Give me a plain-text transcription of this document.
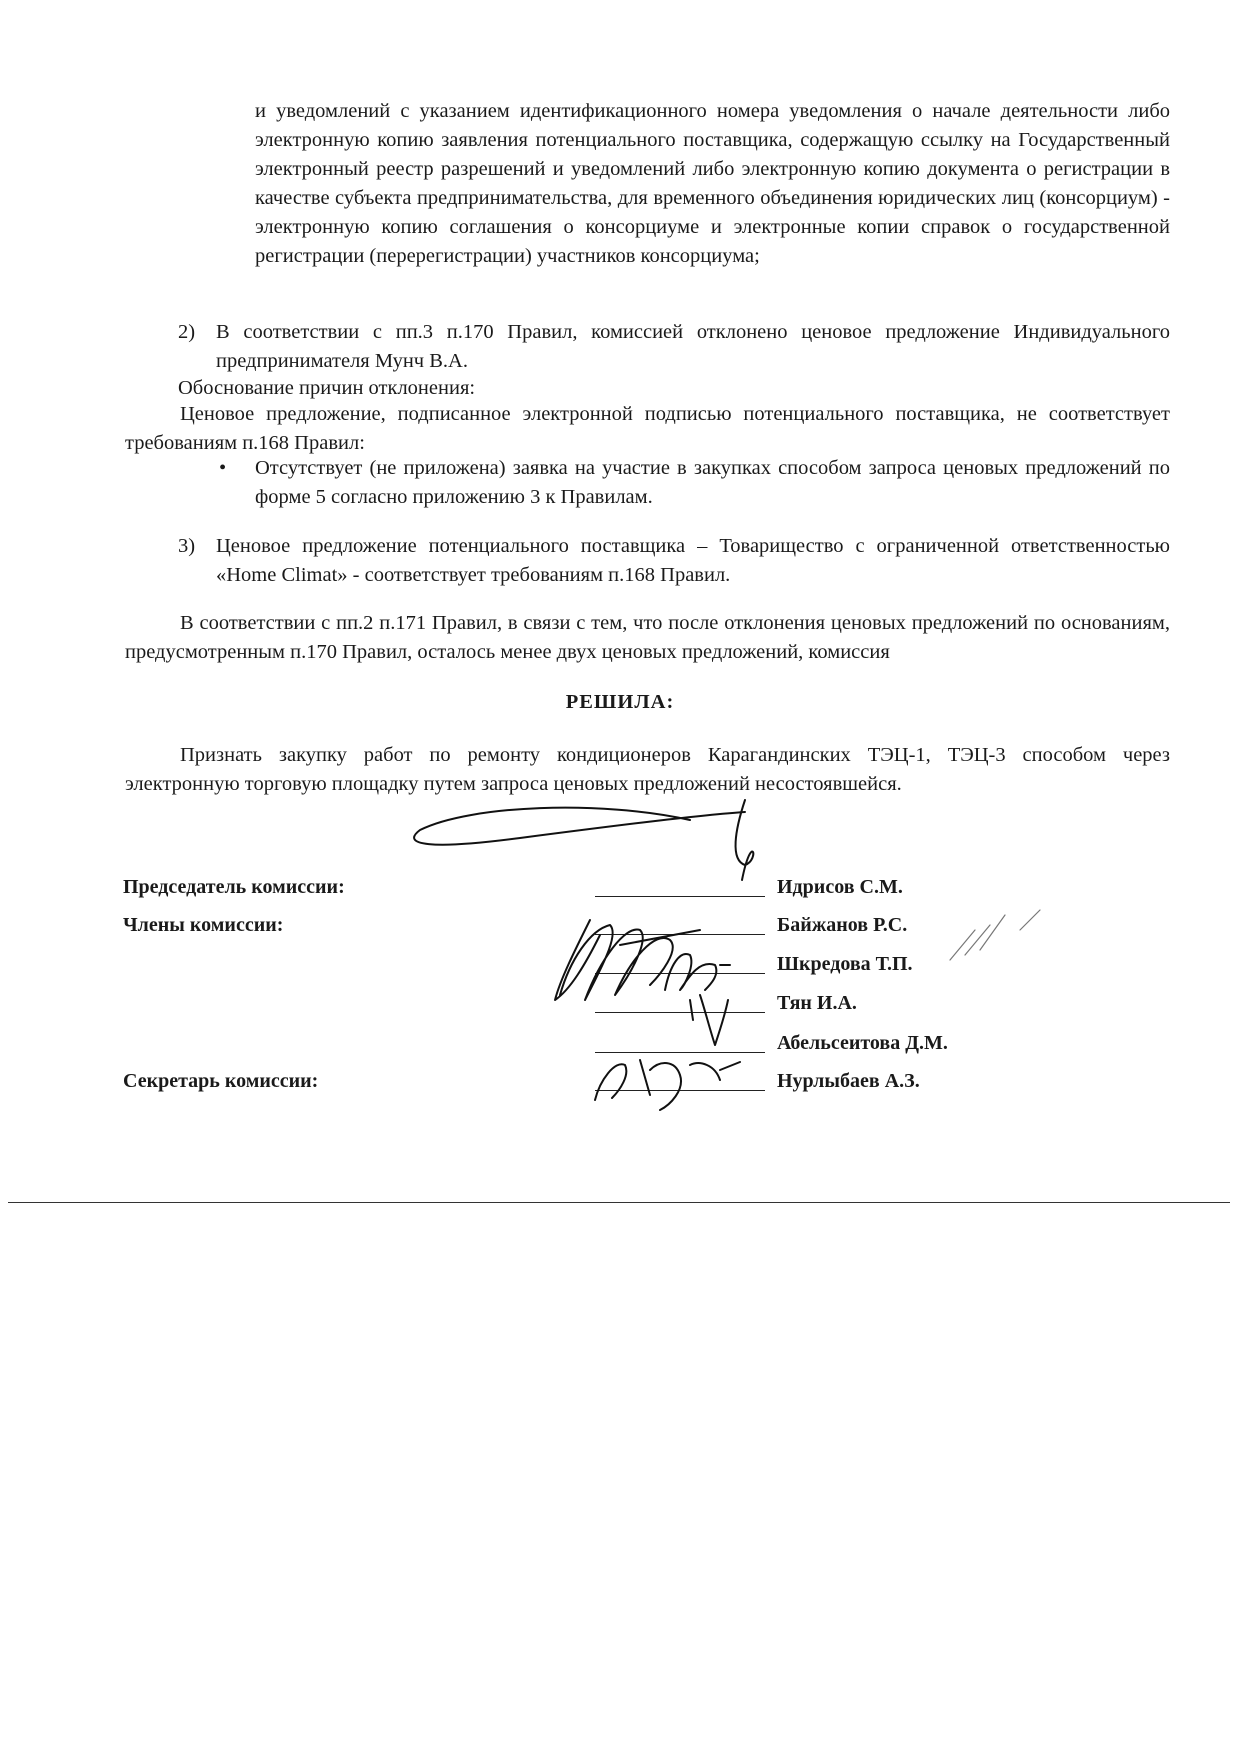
и уведомлений с указанием идентификационного номера уведомления о начале деятельности либо электронную копию заявления потенциального поставщика, содержащую ссылку на Государственный электронный реестр разрешений и уведомлений либо электронную копию документа о регистрации в качестве субъекта предпринимательства, для временного объединения юридических лиц (консорциум) - электронную копию соглашения о консорциуме и электронные копии справок о государственной регистрации (перерегистрации) участников консорциума;
2)	В соответствии с пп.3 п.170 Правил, комиссией отклонено ценовое предложение Индивидуального предпринимателя Мунч В.А.
Обоснование причин отклонения:
Ценовое предложение, подписанное электронной подписью потенциального поставщика, не соответствует требованиям п.168 Правил:
• Отсутствует (не приложена) заявка на участие в закупках способом запроса ценовых предложений по форме 5 согласно приложению 3 к Правилам.
3)	Ценовое предложение потенциального поставщика – Товарищество с ограниченной ответственностью «Home Climat» - соответствует требованиям п.168 Правил.
В соответствии с пп.2 п.171 Правил, в связи с тем, что после отклонения ценовых предложений по основаниям, предусмотренным п.170 Правил, осталось менее двух ценовых предложений, комиссия
РЕШИЛА:
Признать закупку работ по ремонту кондиционеров Карагандинских ТЭЦ-1, ТЭЦ-3 способом через электронную торговую площадку путем запроса ценовых предложений несостоявшейся.
Председатель комиссии:
Члены комиссии:
Секретарь комиссии:
Идрисов С.М.
Байжанов Р.С.
Шкредова Т.П.
Тян И.А.
Абельсеитова Д.М.
Нурлыбаев А.З.
